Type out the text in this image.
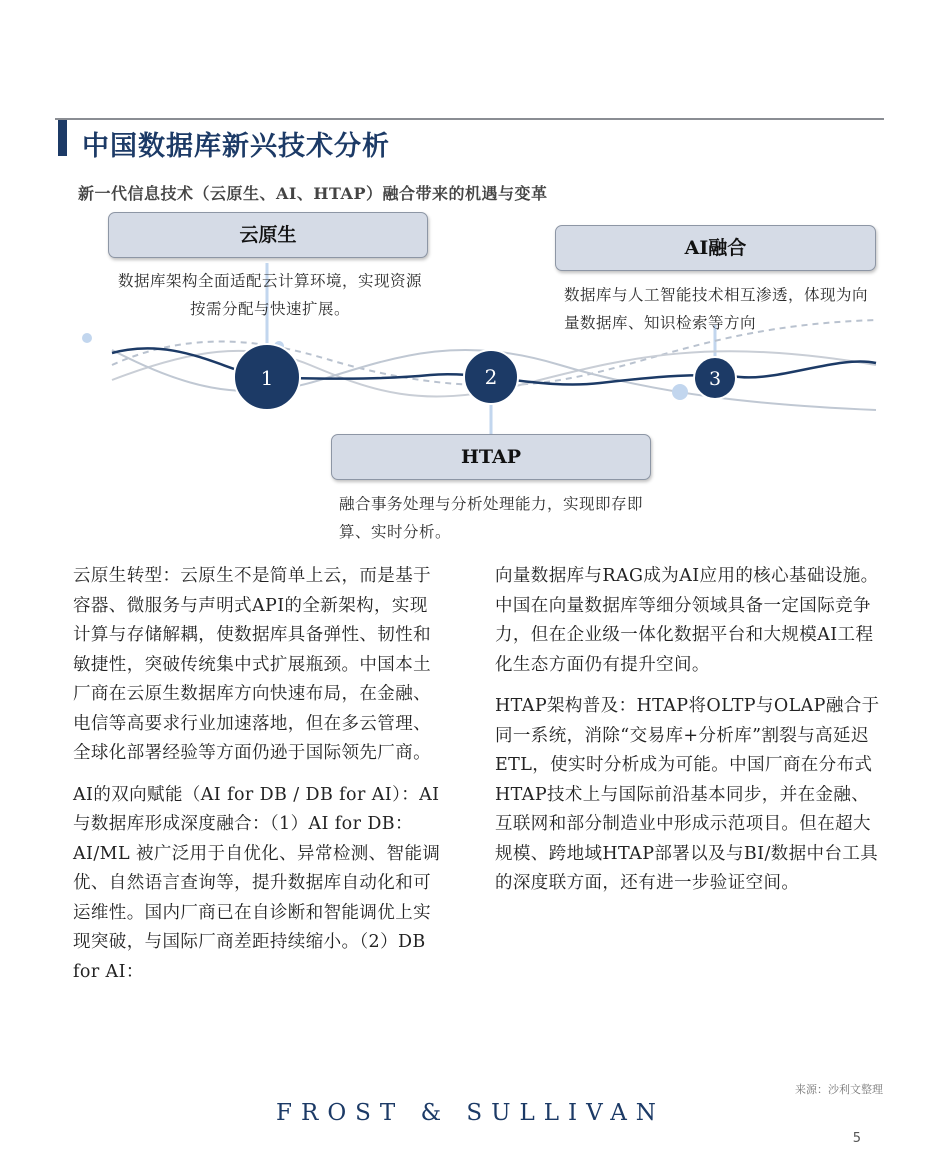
中国数据库新兴技术分析
新一代信息技术（云原生、AI、HTAP）融合带来的机遇与变革
1	2	3
云原生
数据库架构全面适配云计算环境，实现资源按需分配与快速扩展。
AI融合
数据库与人工智能技术相互渗透，体现为向量数据库、知识检索等方向
HTAP
融合事务处理与分析处理能力，实现即存即算、实时分析。

云原生转型：云原生不是简单上云，而是基于容器、微服务与声明式API的全新架构，实现计算与存储解耦，使数据库具备弹性、韧性和敏捷性，突破传统集中式扩展瓶颈。中国本土厂商在云原生数据库方向快速布局，在金融、电信等高要求行业加速落地，但在多云管理、全球化部署经验等方面仍逊于国际领先厂商。

AI的双向赋能（AI for DB / DB for AI）：AI与数据库形成深度融合：（1）AI for DB：AI/ML 被广泛用于自优化、异常检测、智能调优、自然语言查询等，提升数据库自动化和可运维性。国内厂商已在自诊断和智能调优上实现突破，与国际厂商差距持续缩小。（2）DB for AI：

向量数据库与RAG成为AI应用的核心基础设施。中国在向量数据库等细分领域具备一定国际竞争力，但在企业级一体化数据平台和大规模AI工程化生态方面仍有提升空间。

HTAP架构普及：HTAP将OLTP与OLAP融合于同一系统，消除“交易库+分析库”割裂与高延迟ETL，使实时分析成为可能。中国厂商在分布式HTAP技术上与国际前沿基本同步，并在金融、互联网和部分制造业中形成示范项目。但在超大规模、跨地域HTAP部署以及与BI/数据中台工具的深度联方面，还有进一步验证空间。

来源：沙利文整理
FROST & SULLIVAN
5
